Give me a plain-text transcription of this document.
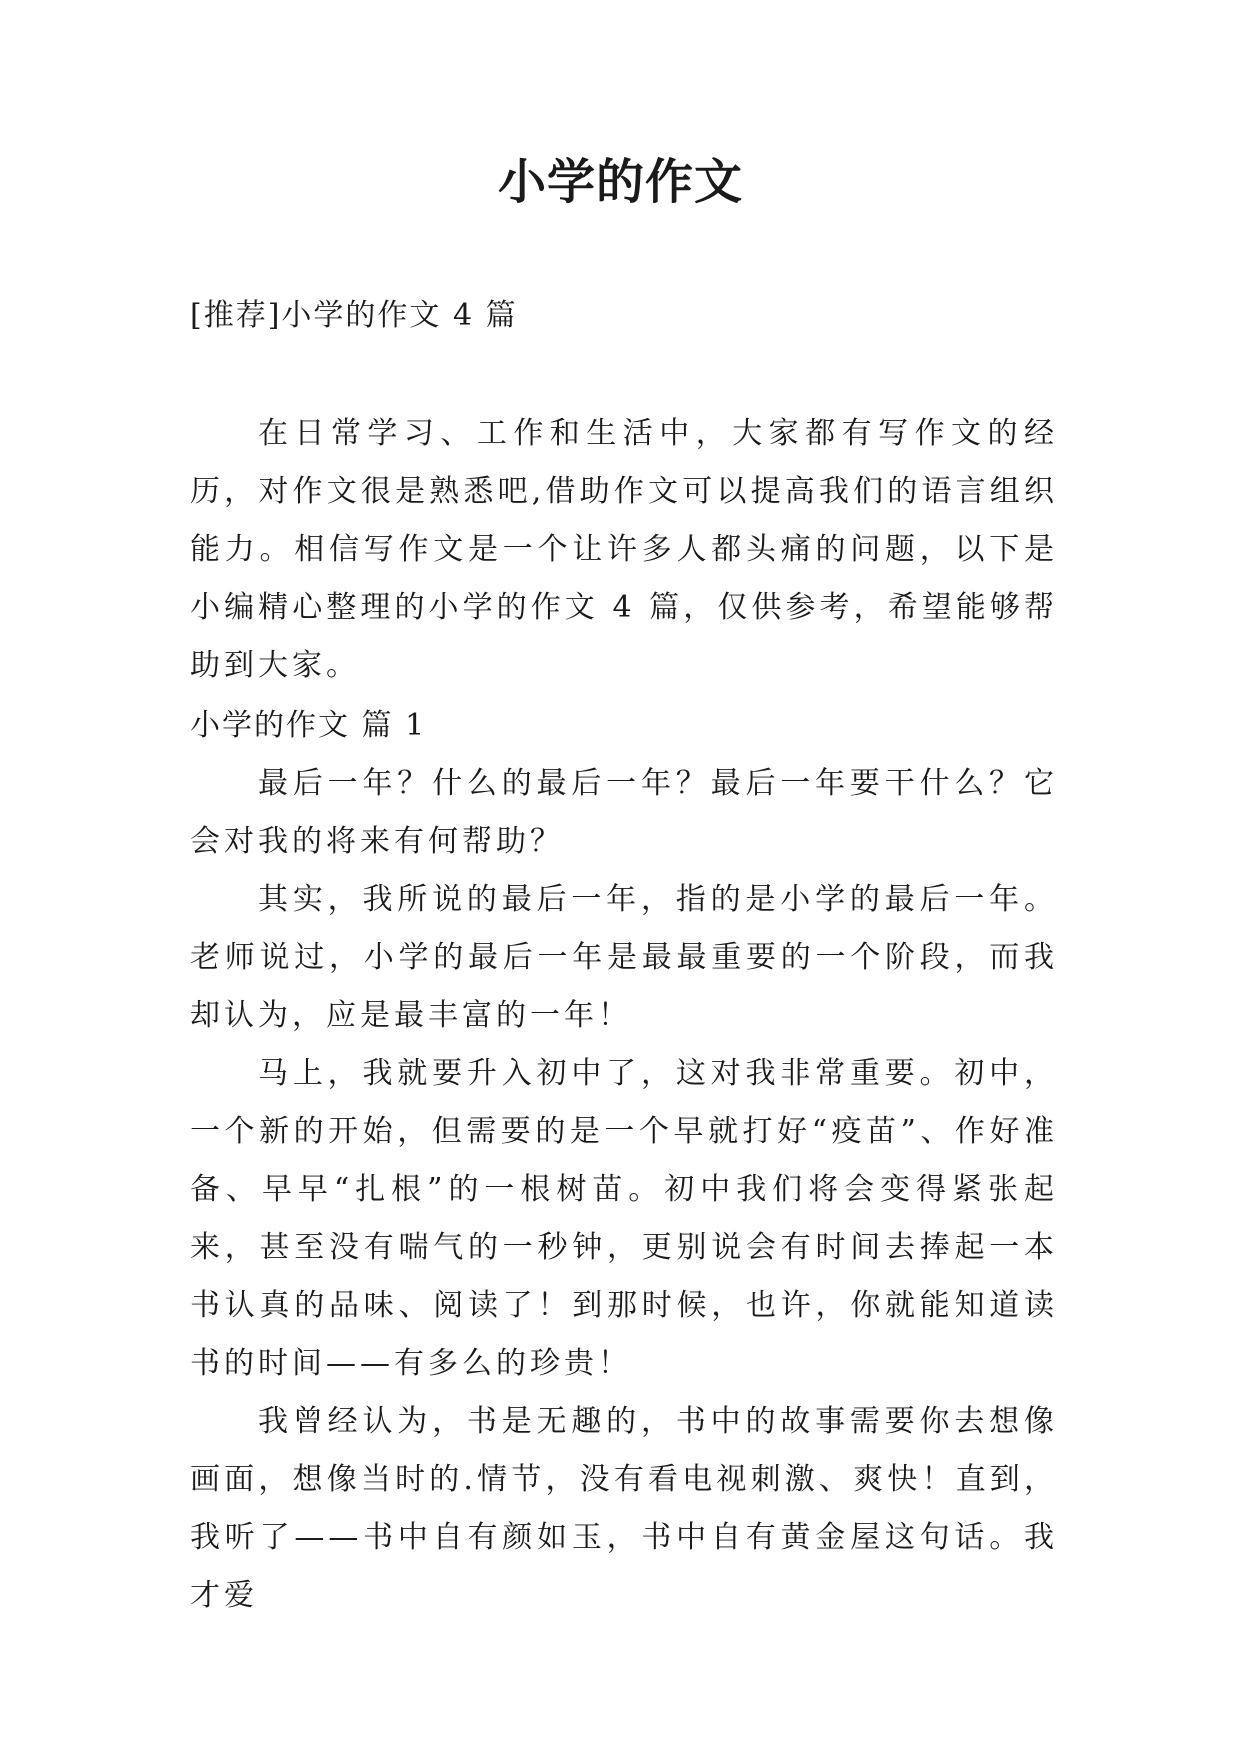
小学的作文

[推荐]小学的作文 4 篇

在日常学习、工作和生活中，大家都有写作文的经历，对作文很是熟悉吧,借助作文可以提高我们的语言组织能力。相信写作文是一个让许多人都头痛的问题，以下是小编精心整理的小学的作文 4 篇，仅供参考，希望能够帮助到大家。

小学的作文 篇 1

最后一年？什么的最后一年？最后一年要干什么？它会对我的将来有何帮助？

其实，我所说的最后一年，指的是小学的最后一年。老师说过，小学的最后一年是最最重要的一个阶段，而我却认为，应是最丰富的一年！

马上，我就要升入初中了，这对我非常重要。初中，一个新的开始，但需要的是一个早就打好“疫苗”、作好准备、早早“扎根”的一根树苗。初中我们将会变得紧张起来，甚至没有喘气的一秒钟，更别说会有时间去捧起一本书认真的品味、阅读了！到那时候，也许，你就能知道读书的时间——有多么的珍贵！

我曾经认为，书是无趣的，书中的故事需要你去想像画面，想像当时的.情节，没有看电视刺激、爽快！直到，我听了——书中自有颜如玉，书中自有黄金屋这句话。我才爱
